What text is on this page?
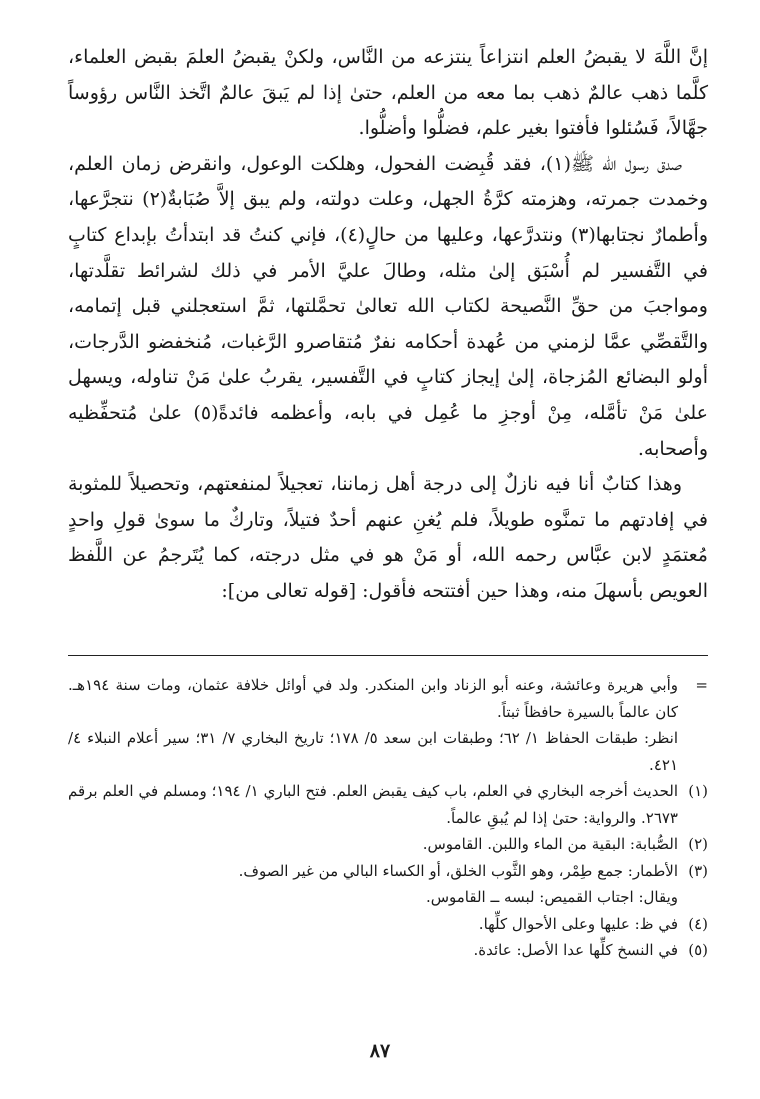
إنَّ اللَّهَ لا يقبضُ العلم انتزاعاً ينتزعه من النَّاس، ولكنْ يقبضُ العلمَ بقبض العلماء، كلَّما ذهب عالمٌ ذهب بما معه من العلم، حتىٰ إذا لم يَبقَ عالمٌ اتَّخذ النَّاس رؤوساً جهَّالاً، فَسُئلوا فأفتوا بغير علم، فضلُّوا وأضلُّوا.

صدق رسول الله ﷺ(١)، فقد قُبِضت الفحول، وهلكت الوعول، وانقرض زمان العلم، وخمدت جمرته، وهزمته كرَّةُ الجهل، وعلت دولته، ولم يبق إلاَّ صُبَابةٌ(٢) نتجرَّعها، وأطمارٌ نجتابها(٣) ونتدرَّعها، وعليها من حالٍ(٤)، فإني كنتُ قد ابتدأتُ بإبداع كتابٍ في التَّفسير لم أُسْبَق إلىٰ مثله، وطالَ عليَّ الأمر في ذلك لشرائط تقلَّدتها، ومواجبَ من حقِّ النَّصيحة لكتاب الله تعالىٰ تحمَّلتها، ثمَّ استعجلني قبل إتمامه، والتَّقصِّي عمَّا لزمني من عُهدة أحكامه نفرٌ مُتقاصرو الرَّغبات، مُنخفضو الدَّرجات، أولو البضائع المُزجاة، إلىٰ إيجاز كتابٍ في التَّفسير، يقربُ علىٰ مَنْ تناوله، ويسهل علىٰ مَنْ تأمَّله، مِنْ أوجزِ ما عُمِل في بابه، وأعظمه فائدةً(٥) علىٰ مُتحفِّظيه وأصحابه.

وهذا كتابٌ أنا فيه نازلٌ إلى درجة أهل زماننا، تعجيلاً لمنفعتهم، وتحصيلاً للمثوبة في إفادتهم ما تمنَّوه طويلاً، فلم يُغنِ عنهم أحدٌ فتيلاً، وتاركٌ ما سوىٰ قولِ واحدٍ مُعتمَدٍ لابن عبَّاس رحمه الله، أو مَنْ هو في مثل درجته، كما يُتَرجمُ عن اللَّفظ العويص بأسهلَ منه، وهذا حين أفتتحه فأقول: [قوله تعالى من]:

=
وأبي هريرة وعائشة، وعنه أبو الزناد وابن المنكدر. ولد في أوائل خلافة عثمان، ومات سنة ١٩٤هـ. كان عالماً بالسيرة حافظاً ثبتاً.
انظر: طبقات الحفاظ ١/ ٦٢؛ وطبقات ابن سعد ٥/ ١٧٨؛ تاريخ البخاري ٧/ ٣١؛ سير أعلام النبلاء ٤/ ٤٢١.
(١)
الحديث أخرجه البخاري في العلم، باب كيف يقبض العلم. فتح الباري ١/ ١٩٤؛ ومسلم في العلم برقم ٢٦٧٣. والرواية: حتىٰ إذا لم يُبقِ عالماً.
(٢)
الصُّبابة: البقية من الماء واللبن. القاموس.
(٣)
الأطمار: جمع طِمْر، وهو الثَّوب الخلق، أو الكساء البالي من غير الصوف.
ويقال: اجتاب القميص: لبسه ــ القاموس.
(٤)
في ظ: عليها وعلى الأحوال كلِّها.
(٥)
في النسخ كلِّها عدا الأصل: عائدة.
٨٧
